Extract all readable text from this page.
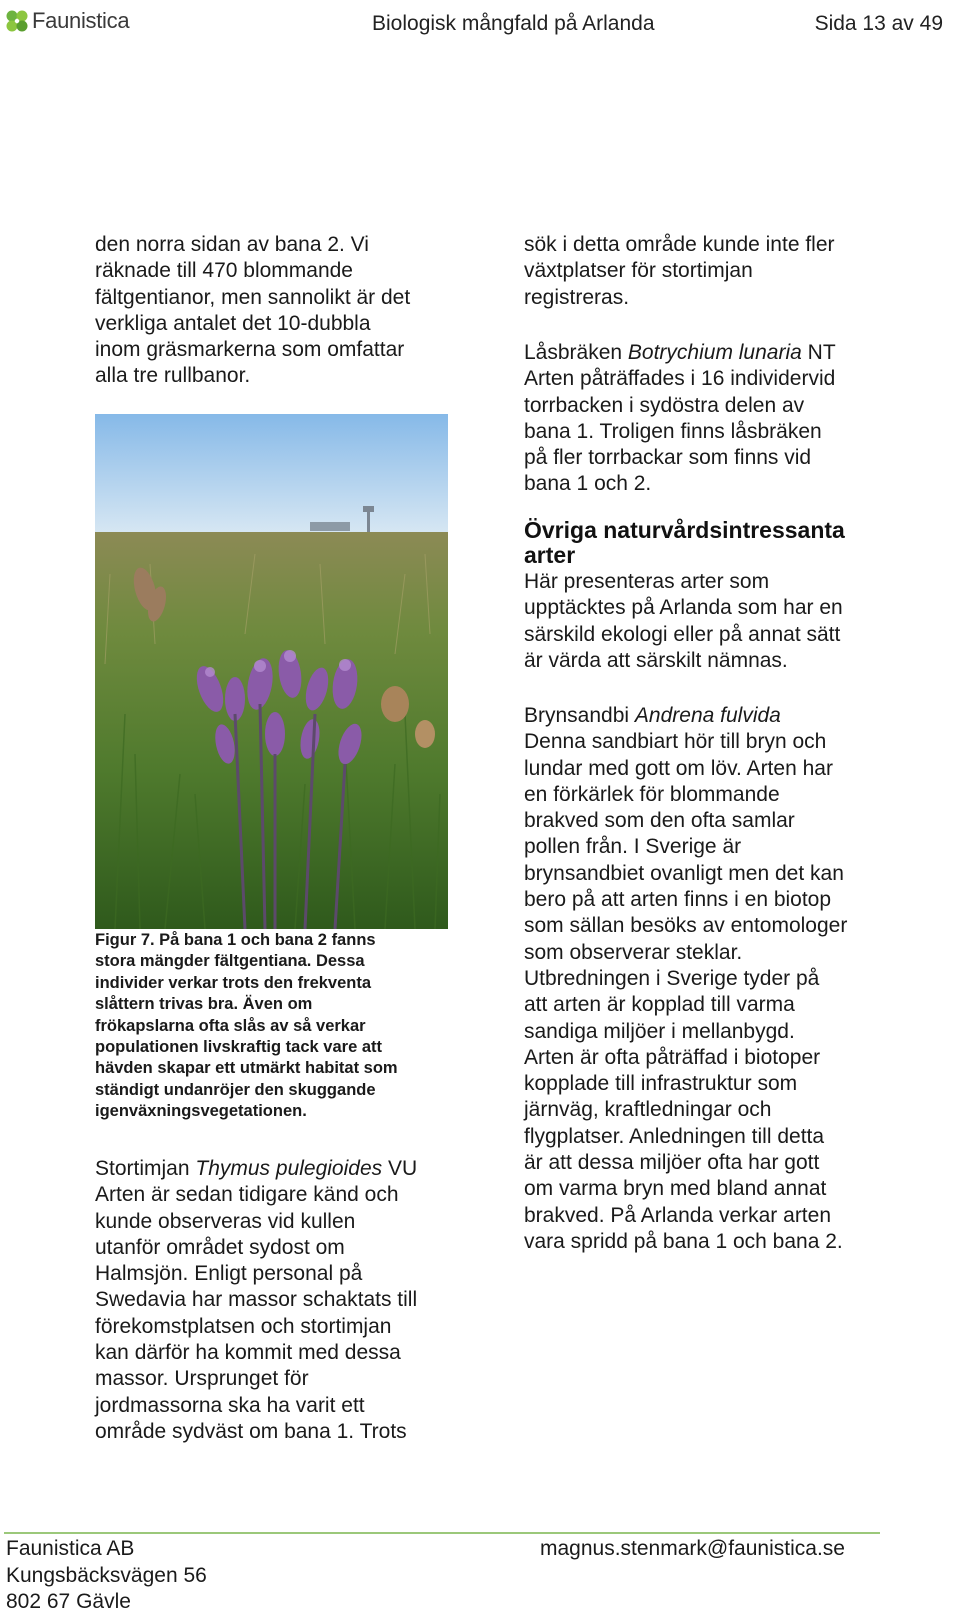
Faunistica	Biologisk mångfald på Arlanda	Sida 13 av 49
den norra sidan av bana 2. Vi
räknade till 470 blommande
fältgentianor, men sannolikt är det
verkliga antalet det 10-dubbla
inom gräsmarkerna som omfattar
alla tre rullbanor.
Figur 7. På bana 1 och bana 2 fanns
stora mängder fältgentiana. Dessa
individer verkar trots den frekventa
slåttern trivas bra. Även om
frökapslarna ofta slås av så verkar
populationen livskraftig tack vare att
hävden skapar ett utmärkt habitat som
ständigt undanröjer den skuggande
igenväxningsvegetationen.
Stortimjan Thymus pulegioides VU
Arten är sedan tidigare känd och
kunde observeras vid kullen
utanför området sydost om
Halmsjön. Enligt personal på
Swedavia har massor schaktats till
förekomstplatsen och stortimjan
kan därför ha kommit med dessa
massor. Ursprunget för
jordmassorna ska ha varit ett
område sydväst om bana 1. Trots
sök i detta område kunde inte fler
växtplatser för stortimjan
registreras.
Låsbräken Botrychium lunaria NT
Arten påträffades i 16 individervid
torrbacken i sydöstra delen av
bana 1. Troligen finns låsbräken
på fler torrbackar som finns vid
bana 1 och 2.
Övriga naturvårdsintressanta
arter
Här presenteras arter som
upptäcktes på Arlanda som har en
särskild ekologi eller på annat sätt
är värda att särskilt nämnas.
Brynsandbi Andrena fulvida
Denna sandbiart hör till bryn och
lundar med gott om löv. Arten har
en förkärlek för blommande
brakved som den ofta samlar
pollen från. I Sverige är
brynsandbiet ovanligt men det kan
bero på att arten finns i en biotop
som sällan besöks av entomologer
som observerar steklar.
Utbredningen i Sverige tyder på
att arten är kopplad till varma
sandiga miljöer i mellanbygd.
Arten är ofta påträffad i biotoper
kopplade till infrastruktur som
järnväg, kraftledningar och
flygplatser. Anledningen till detta
är att dessa miljöer ofta har gott
om varma bryn med bland annat
brakved. På Arlanda verkar arten
vara spridd på bana 1 och bana 2.
Faunistica AB
Kungsbäcksvägen 56
802 67 Gävle
magnus.stenmark@faunistica.se
